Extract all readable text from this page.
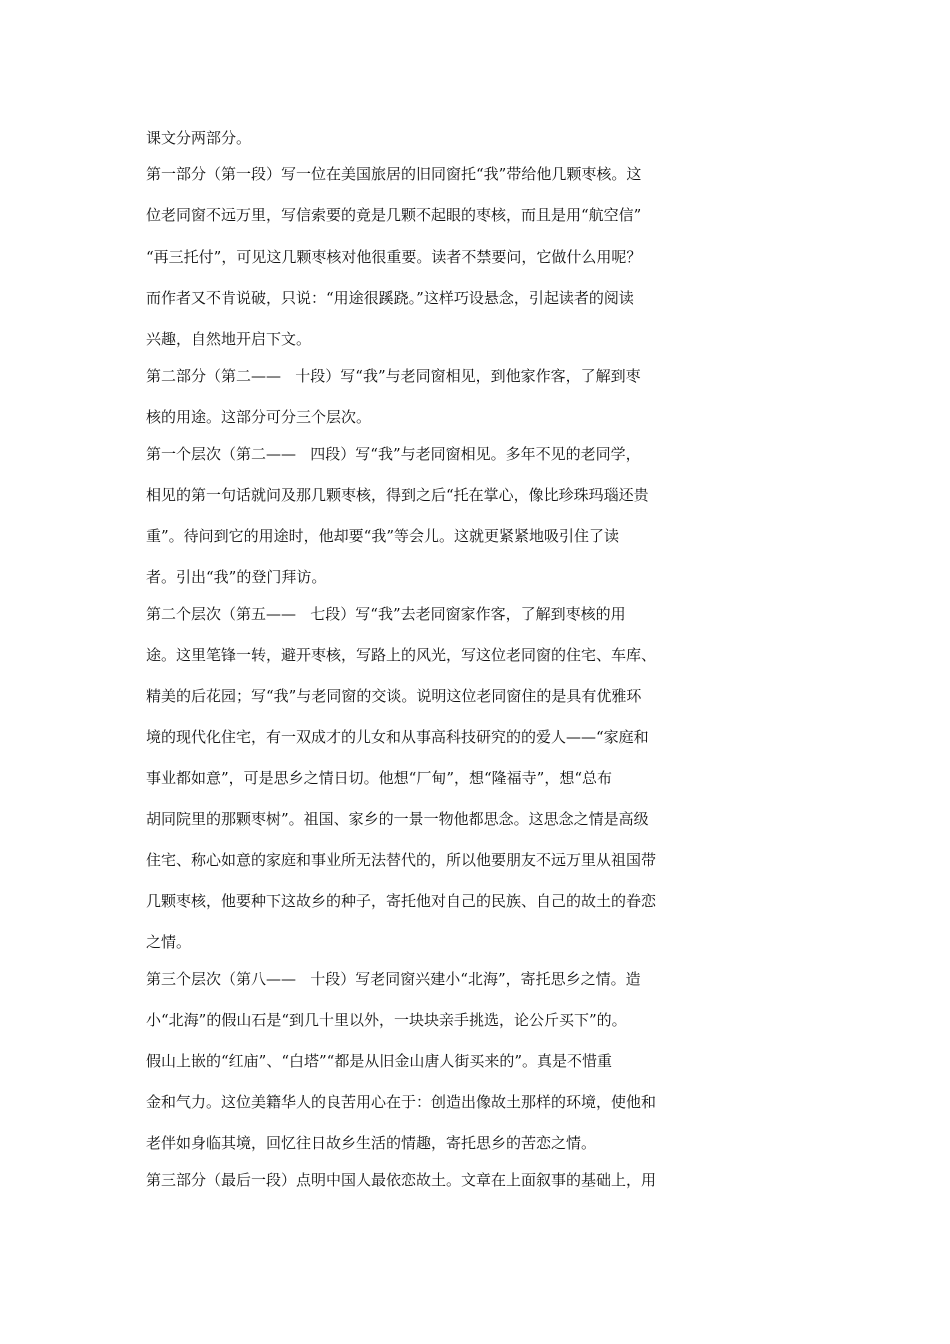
课文分两部分。
第一部分（第一段）写一位在美国旅居的旧同窗托“我”带给他几颗枣核。这
位老同窗不远万里，写信索要的竟是几颗不起眼的枣核，而且是用“航空信”
“再三托付”，可见这几颗枣核对他很重要。读者不禁要问，它做什么用呢？
而作者又不肯说破，只说：“用途很蹊跷。”这样巧设悬念，引起读者的阅读
兴趣，自然地开启下文。
第二部分（第二——   十段）写“我”与老同窗相见，到他家作客，了解到枣
核的用途。这部分可分三个层次。
第一个层次（第二——   四段）写“我”与老同窗相见。多年不见的老同学，
相见的第一句话就问及那几颗枣核，得到之后“托在掌心，像比珍珠玛瑙还贵
重”。待问到它的用途时，他却要“我”等会儿。这就更紧紧地吸引住了读
者。引出“我”的登门拜访。
第二个层次（第五——   七段）写“我”去老同窗家作客，了解到枣核的用
途。这里笔锋一转，避开枣核，写路上的风光，写这位老同窗的住宅、车库、
精美的后花园；写“我”与老同窗的交谈。说明这位老同窗住的是具有优雅环
境的现代化住宅，有一双成才的儿女和从事高科技研究的的爱人——“家庭和
事业都如意”，可是思乡之情日切。他想“厂甸”，想“隆福寺”，想“总布
胡同院里的那颗枣树”。祖国、家乡的一景一物他都思念。这思念之情是高级
住宅、称心如意的家庭和事业所无法替代的，所以他要朋友不远万里从祖国带
几颗枣核，他要种下这故乡的种子，寄托他对自己的民族、自己的故土的眷恋
之情。
第三个层次（第八——   十段）写老同窗兴建小“北海”，寄托思乡之情。造
小“北海”的假山石是“到几十里以外，一块块亲手挑选，论公斤买下”的。
假山上嵌的“红庙”、“白塔”“都是从旧金山唐人街买来的”。真是不惜重
金和气力。这位美籍华人的良苦用心在于：创造出像故土那样的环境，使他和
老伴如身临其境，回忆往日故乡生活的情趣，寄托思乡的苦恋之情。
第三部分（最后一段）点明中国人最依恋故土。文章在上面叙事的基础上，用
